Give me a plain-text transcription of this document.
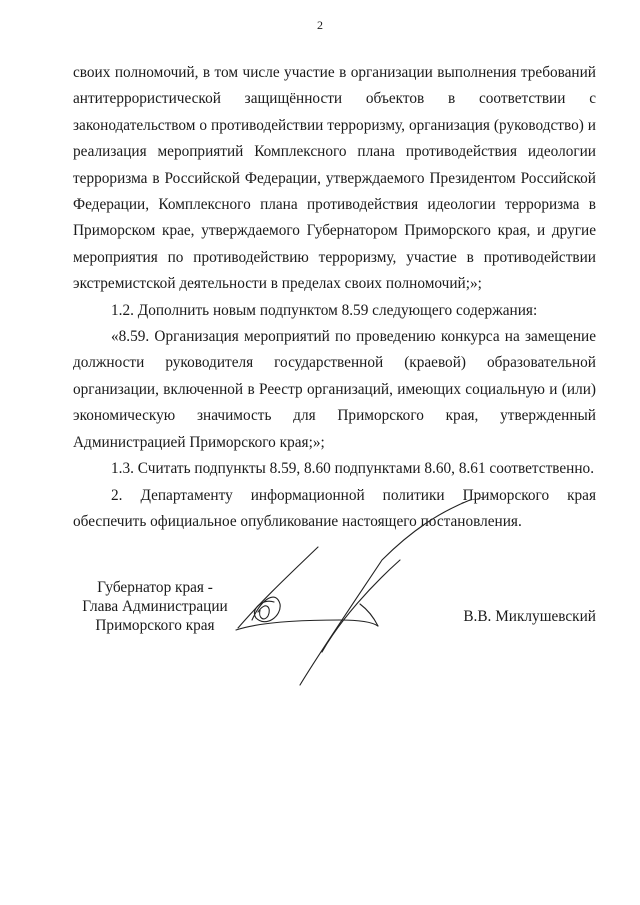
2

своих полномочий, в том числе участие в организации выполнения требований антитеррористической защищённости объектов в соответствии с законодательством о противодействии терроризму, организация (руководство) и реализация мероприятий Комплексного плана противодействия идеологии терроризма в Российской Федерации, утверждаемого Президентом Российской Федерации, Комплексного плана противодействия идеологии терроризма в Приморском крае, утверждаемого Губернатором Приморского края, и другие мероприятия по противодействию терроризму, участие в противодействии экстремистской деятельности в пределах своих полномочий;»;

1.2. Дополнить новым подпунктом 8.59 следующего содержания:

«8.59. Организация мероприятий по проведению конкурса на замещение должности руководителя государственной (краевой) образовательной организации, включенной в Реестр организаций, имеющих социальную и (или) экономическую значимость для Приморского края, утвержденный Администрацией Приморского края;»;

1.3. Считать подпункты 8.59, 8.60 подпунктами 8.60, 8.61 соответственно.

2. Департаменту информационной политики Приморского края обеспечить официальное опубликование настоящего постановления.

Губернатор края -
Глава Администрации
Приморского края
В.В. Миклушевский
